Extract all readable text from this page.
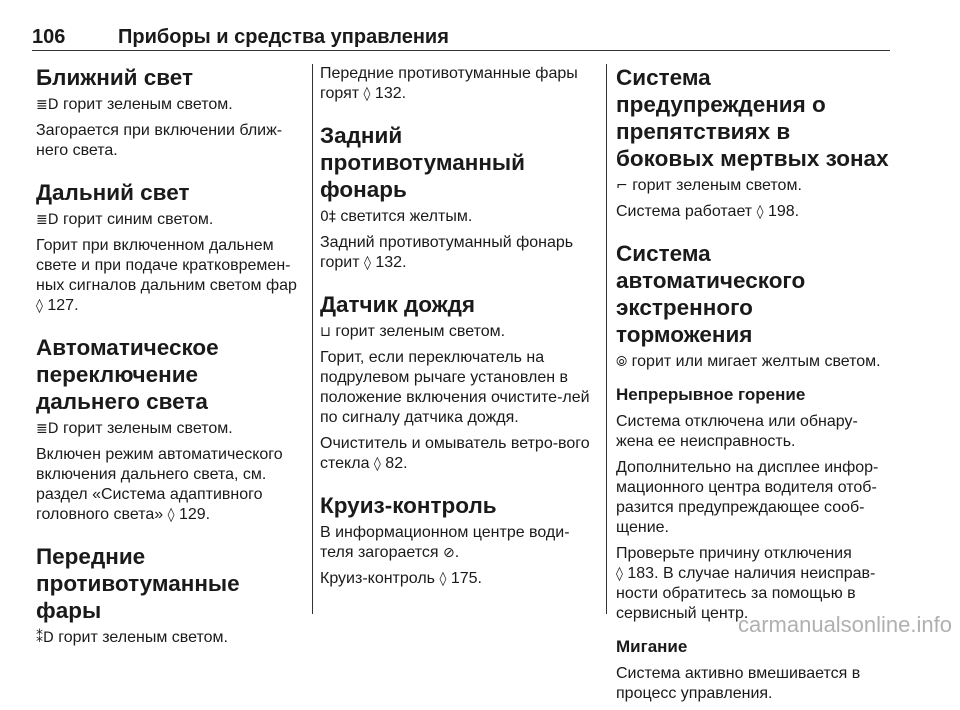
106	Приборы и средства управления
Ближний свет

≣D горит зеленым светом.

Загорается при включении ближ-
него света.

Дальний свет

≣D горит синим светом.

Горит при включенном дальнем свете и при подаче кратковремен-ных сигналов дальним светом фар ◊ 127.

Автоматическое переключение дальнего света

≣D горит зеленым светом.

Включен режим автоматического включения дальнего света, см. раздел «Система адаптивного головного света» ◊ 129.

Передние противотуманные фары

⁑D горит зеленым светом.

Передние противотуманные фары горят ◊ 132.

Задний противотуманный фонарь

0‡ светится желтым.

Задний противотуманный фонарь горит ◊ 132.

Датчик дождя

⊔ горит зеленым светом.

Горит, если переключатель на подрулевом рычаге установлен в положение включения очистите-лей по сигналу датчика дождя.

Очиститель и омыватель ветро-вого стекла ◊ 82.

Круиз-контроль

В информационном центре води-теля загорается ⊘.

Круиз-контроль ◊ 175.

Система предупреждения о препятствиях в боковых мертвых зонах

⌐ горит зеленым светом.

Система работает ◊ 198.

Система автоматического экстренного торможения

⦾ горит или мигает желтым светом.

Непрерывное горение

Система отключена или обнару-жена ее неисправность.

Дополнительно на дисплее инфор-мационного центра водителя отоб-разится предупреждающее сооб-щение.

Проверьте причину отключения
◊ 183. В случае наличия неисправ-ности обратитесь за помощью в сервисный центр.

Мигание

Система активно вмешивается в процесс управления.

carmanualsonline.info
